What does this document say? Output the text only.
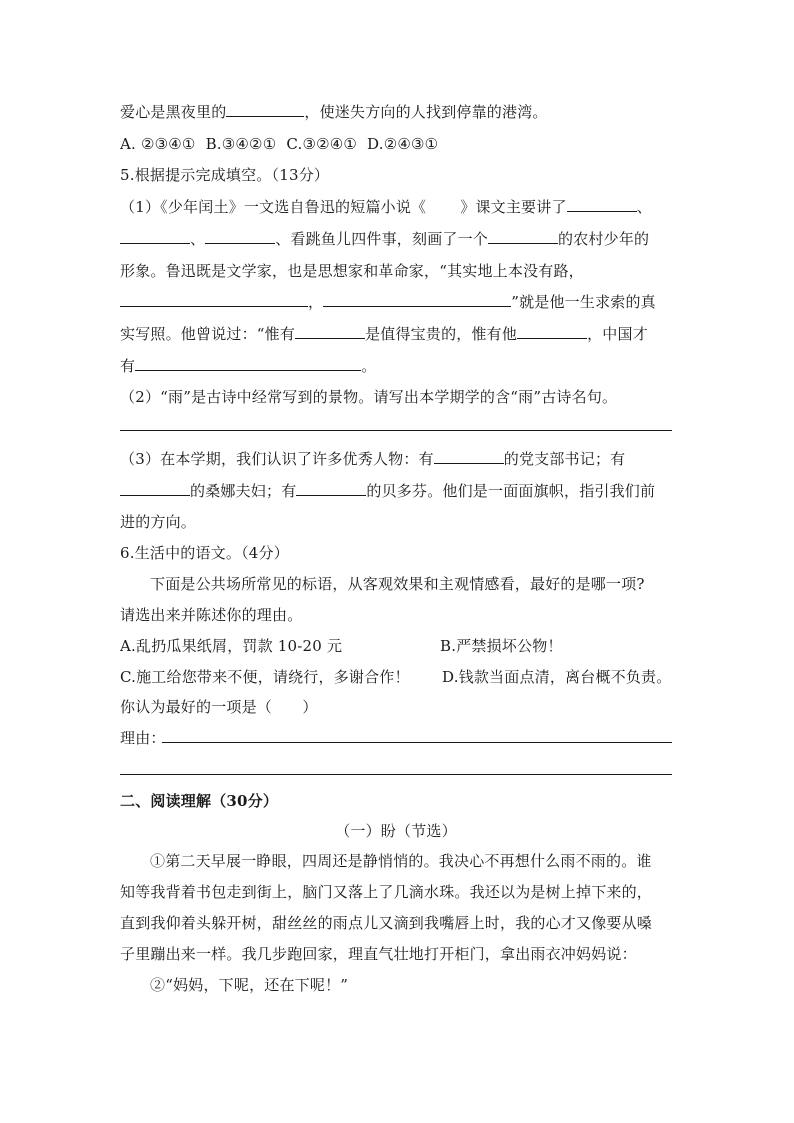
爱心是黑夜里的	，使迷失方向的人找到停靠的港湾。
A. ②③④① B.③④②① C.③②④① D.②④③①
5.根据提示完成填空。（13分）
（1）《少年闰土》一文选自鲁迅的短篇小说《 》课文主要讲了	、
、	、看跳鱼儿四件事，刻画了一个	的农村少年的
形象。鲁迅既是文学家，也是思想家和革命家，“其实地上本没有路，
，	”就是他一生求索的真
实写照。他曾说过：“惟有	是值得宝贵的，惟有他	，中国才
有	。
（2）“雨”是古诗中经常写到的景物。请写出本学期学的含“雨”古诗名句。
（3）在本学期，我们认识了许多优秀人物：有	的党支部书记；有
的桑娜夫妇；有	的贝多芬。他们是一面面旗帜，指引我们前
进的方向。
6.生活中的语文。（4分）
下面是公共场所常见的标语，从客观效果和主观情感看，最好的是哪一项?
请选出来并陈述你的理由。
A.乱扔瓜果纸屑，罚款 10-20 元	B.严禁损坏公物！
C.施工给您带来不便，请绕行，多谢合作！ D.钱款当面点清，离台概不负责。
你认为最好的一项是（　　）
理由：
二、阅读理解（30分）
（一）盼（节选）
①第二天早展一睁眼，四周还是静悄悄的。我决心不再想什么雨不雨的。谁
知等我背着书包走到街上，脑门又落上了几滴水珠。我还以为是树上掉下来的，
直到我仰着头躲开树，甜丝丝的雨点儿又滴到我嘴唇上时，我的心才又像要从嗓
子里蹦出来一样。我几步跑回家，理直气壮地打开柜门，拿出雨衣冲妈妈说：
②“妈妈，下呢，还在下呢！”
